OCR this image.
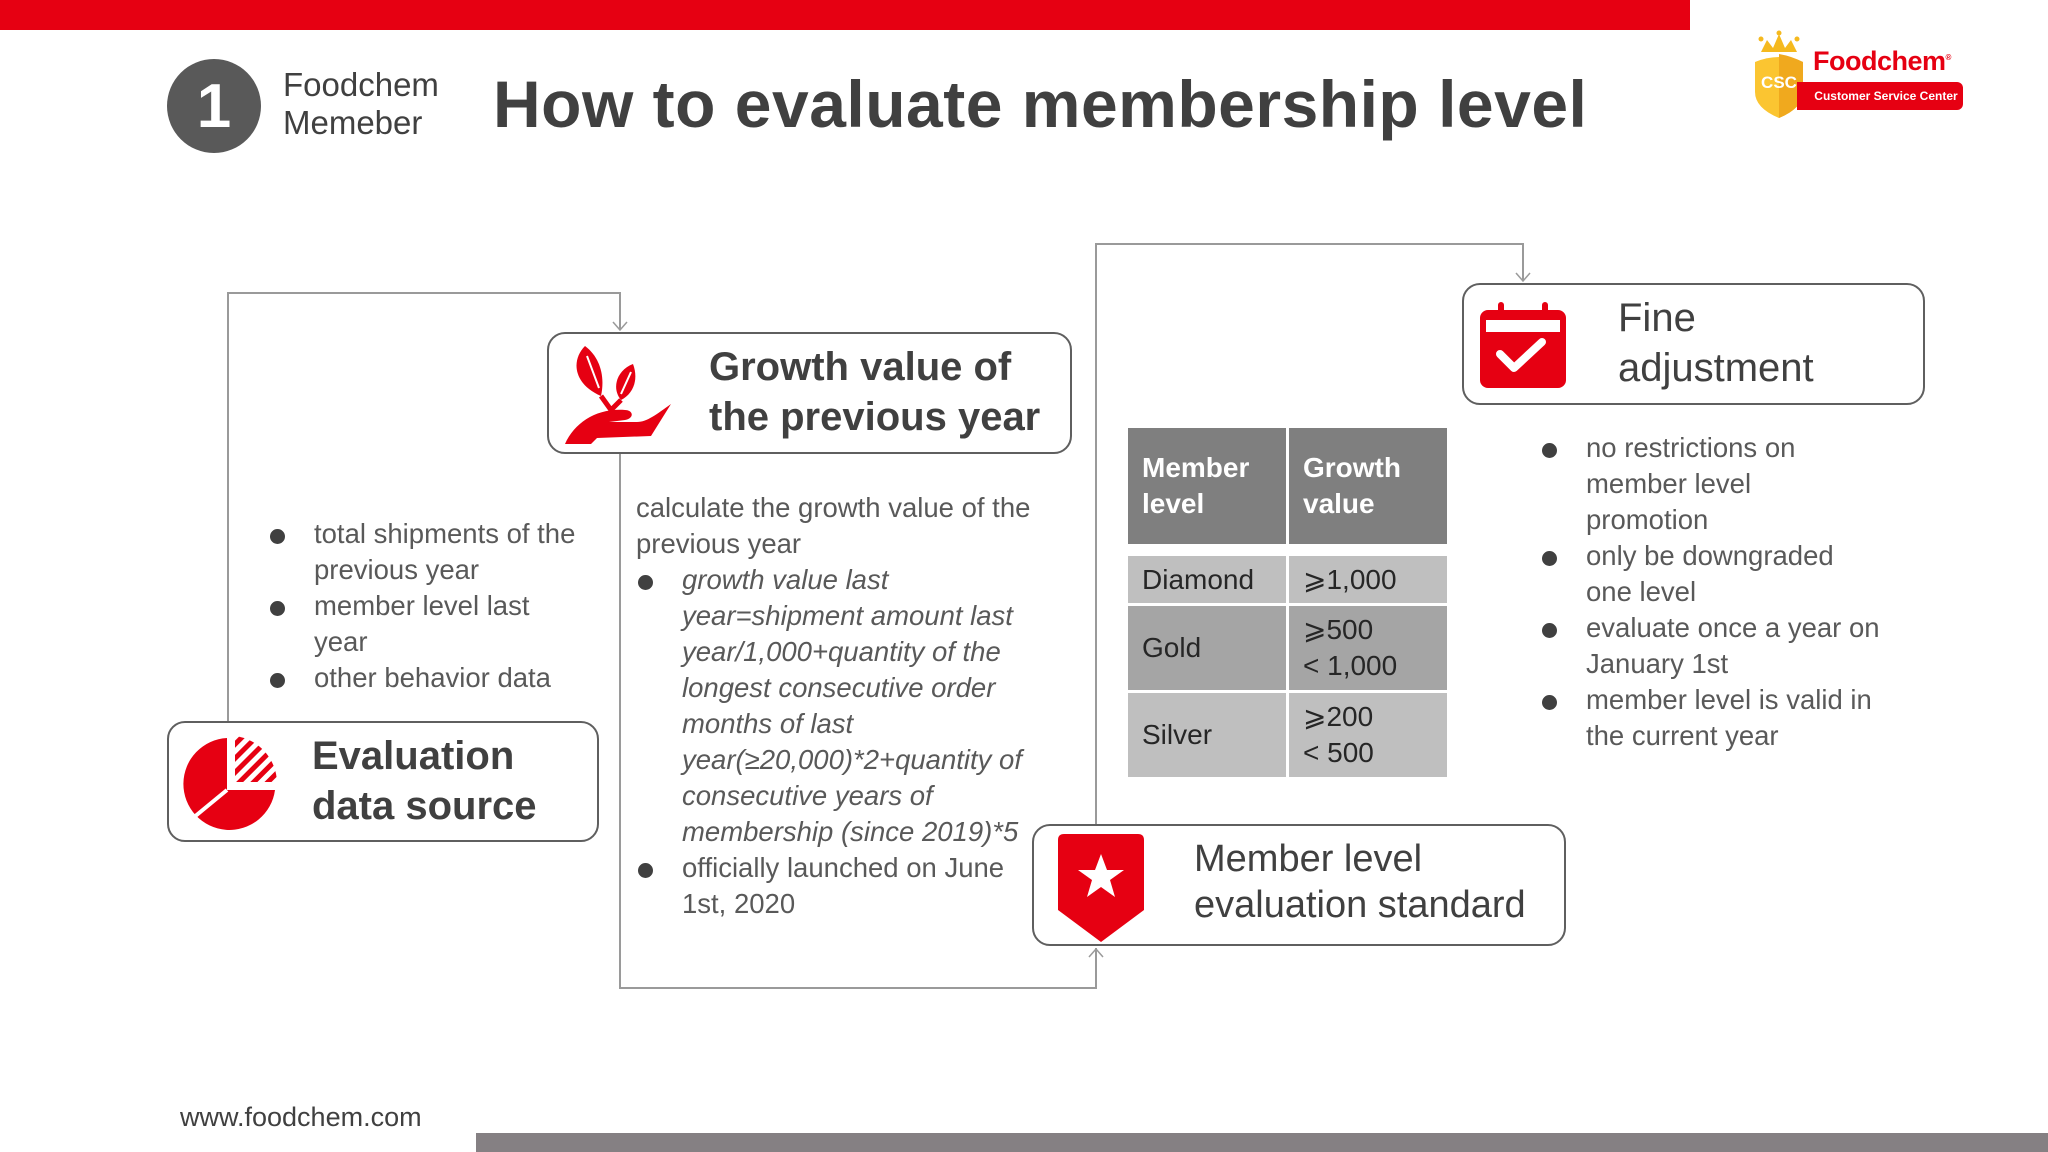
1	Foodchem
Memeber How to evaluate membership level	CSC
Foodchem®
Customer Service Center
total shipments of the previous year
member level last year
other behavior data
Evaluation
data source
Growth value of
the previous year
calculate the growth value of the previous year
growth value last year=shipment amount last year/1,000+quantity of the longest consecutive order months of last year(≥20,000)*2+quantity of consecutive years of membership (since 2019)*5
officially launched on June 1st, 2020
Member level	Growth value
Diamond	⩾1,000

Gold	⩾500
< 1,000

Silver	⩾200
< 500
Member level
evaluation standard
Fine
adjustment
no restrictions on member level promotion
only be downgraded one level
evaluate once a year on January 1st
member level is valid in the current year
www.foodchem.com
